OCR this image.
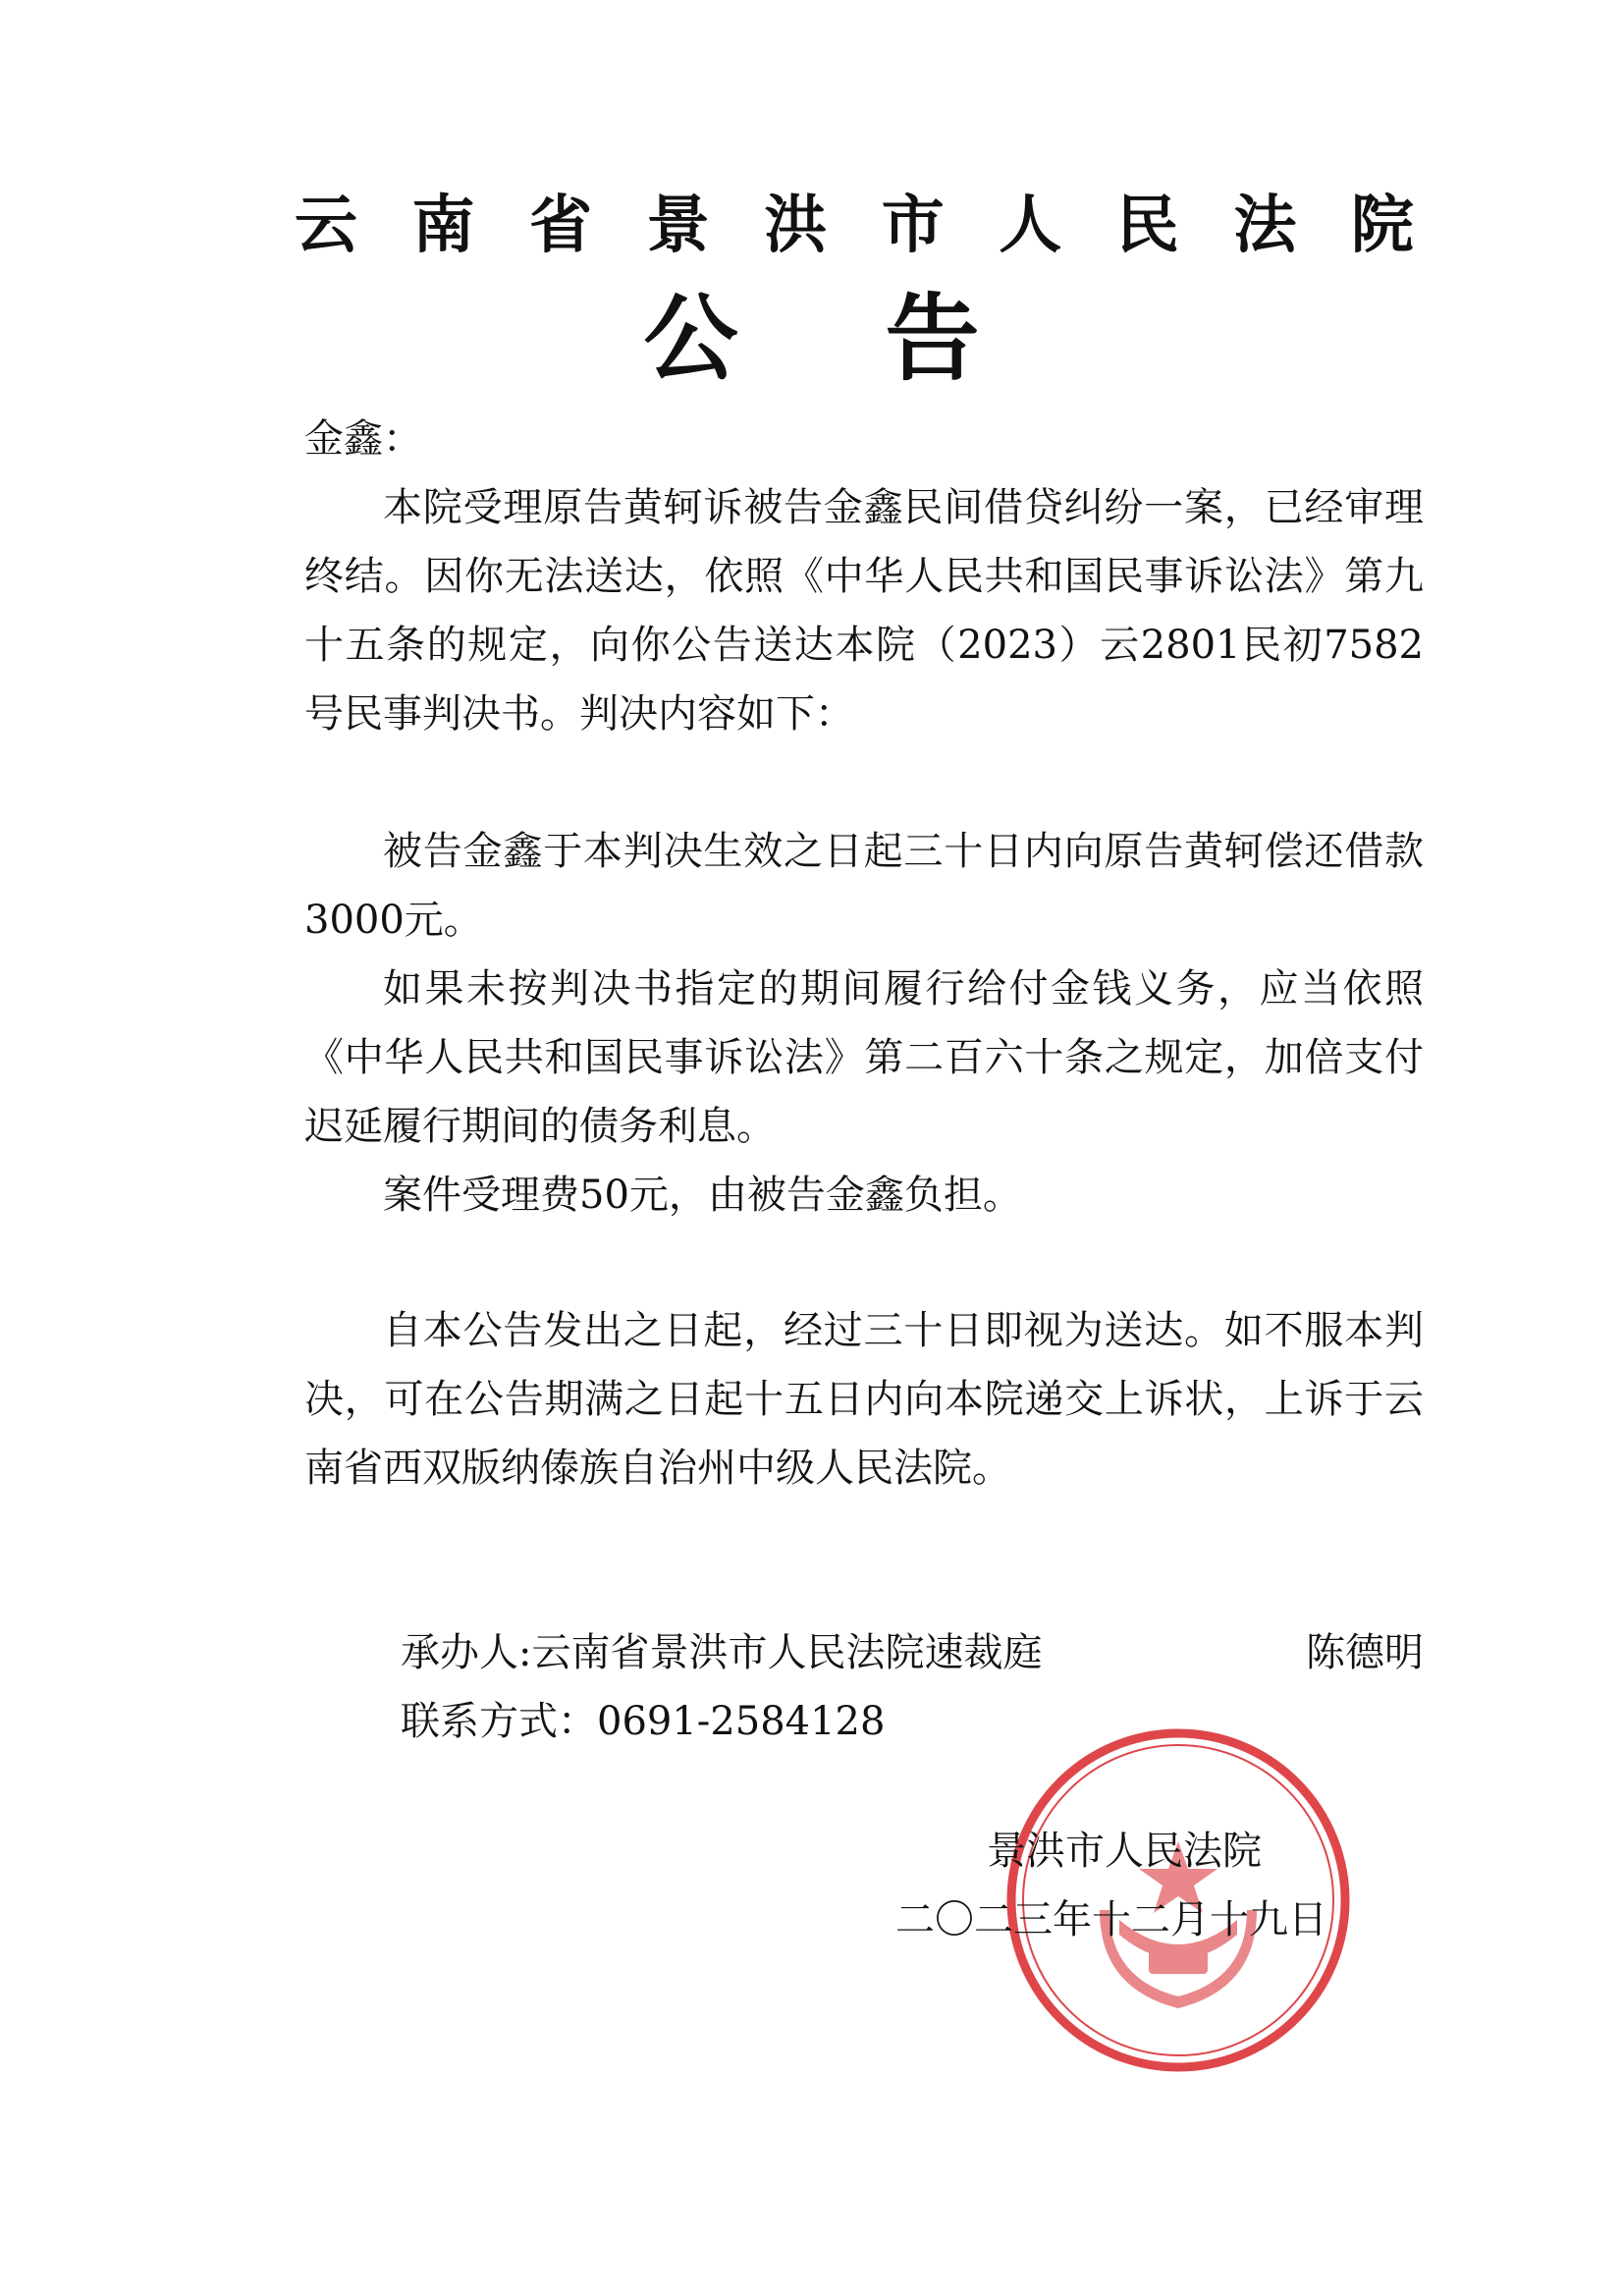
云 南 省 景 洪 市 人 民 法 院
公告

金鑫：

本院受理原告黄轲诉被告金鑫民间借贷纠纷一案，已经审理终结。因你无法送达，依照《中华人民共和国民事诉讼法》第九十五条的规定，向你公告送达本院（2023）云2801民初7582号民事判决书。判决内容如下：

被告金鑫于本判决生效之日起三十日内向原告黄轲偿还借款3000元。

如果未按判决书指定的期间履行给付金钱义务，应当依照《中华人民共和国民事诉讼法》第二百六十条之规定，加倍支付迟延履行期间的债务利息。

案件受理费50元，由被告金鑫负担。

自本公告发出之日起，经过三十日即视为送达。如不服本判决，可在公告期满之日起十五日内向本院递交上诉状，上诉于云南省西双版纳傣族自治州中级人民法院。

承办人:云南省景洪市人民法院速裁庭	陈德明
联系方式：0691-2584128
景洪市人民法院
二〇二三年十二月十九日
